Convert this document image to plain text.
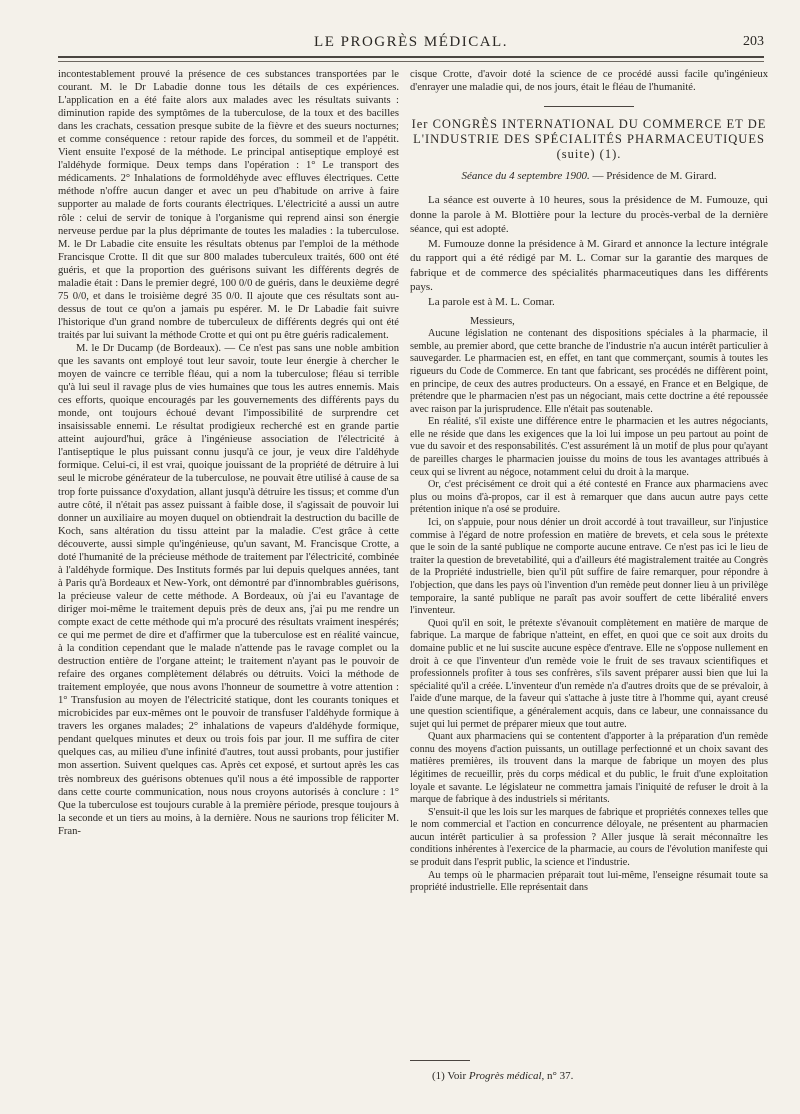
LE PROGRÈS MÉDICAL.	203

incontestablement prouvé la présence de ces substances transportées par le courant. M. le Dr Labadie donne tous les détails de ces expériences. L'application en a été faite alors aux malades avec les résultats suivants : diminution rapide des symptômes de la tuberculose, de la toux et des bacilles dans les crachats, cessation presque subite de la fièvre et des sueurs nocturnes; et comme conséquence : retour rapide des forces, du sommeil et de l'appétit. Vient ensuite l'exposé de la méthode. Le principal antiseptique employé est l'aldéhyde formique. Deux temps dans l'opération : 1° Le transport des médicaments. 2° Inhalations de formoldéhyde avec effluves électriques. Cette méthode n'offre aucun danger et avec un peu d'habitude on arrive à faire supporter au malade de forts courants électriques. L'électricité a aussi un autre rôle : celui de servir de tonique à l'organisme qui reprend ainsi son énergie nerveuse perdue par la plus déprimante de toutes les maladies : la tuberculose. M. le Dr Labadie cite ensuite les résultats obtenus par l'emploi de la méthode Francisque Crotte. Il dit que sur 800 malades tuberculeux traités, 600 ont été guéris, et que la proportion des guérisons suivant les différents degrés de maladie était : Dans le premier degré, 100 0/0 de guéris, dans le deuxième degré 75 0/0, et dans le troisième degré 35 0/0. Il ajoute que ces résultats sont au-dessus de tout ce qu'on a jamais pu espérer. M. le Dr Labadie fait suivre l'historique d'un grand nombre de tuberculeux de différents degrés qui ont été traités par lui suivant la méthode Crotte et qui ont pu être guéris radicalement.

M. le Dr Ducamp (de Bordeaux). — Ce n'est pas sans une noble ambition que les savants ont employé tout leur savoir, toute leur énergie à chercher le moyen de vaincre ce terrible fléau, qui a nom la tuberculose; fléau si terrible qu'à lui seul il ravage plus de vies humaines que tous les autres ennemis. Mais ces efforts, quoique encouragés par les gouvernements des différents pays du monde, ont toujours échoué devant l'impossibilité de surprendre cet insaisissable ennemi. Le résultat prodigieux recherché est en grande partie atteint aujourd'hui, grâce à l'ingénieuse association de l'électricité à l'antiseptique le plus puissant connu jusqu'à ce jour, je veux dire l'aldéhyde formique. Celui-ci, il est vrai, quoique jouissant de la propriété de détruire à lui seul le microbe générateur de la tuberculose, ne pouvait être utilisé à cause de sa trop forte puissance d'oxydation, allant jusqu'à détruire les tissus; et comme d'un autre côté, il n'était pas assez puissant à faible dose, il s'agissait de pouvoir lui donner un auxiliaire au moyen duquel on obtiendrait la destruction du bacille de Koch, sans altération du tissu atteint par la maladie. C'est grâce à cette découverte, aussi simple qu'ingénieuse, qu'un savant, M. Francisque Crotte, a doté l'humanité de la précieuse méthode de traitement par l'électricité, combinée à l'aldéhyde formique. Des Instituts formés par lui depuis quelques années, tant à Paris qu'à Bordeaux et New-York, ont démontré par d'innombrables guérisons, la précieuse valeur de cette méthode. A Bordeaux, où j'ai eu l'avantage de diriger moi-même le traitement depuis près de deux ans, j'ai pu me rendre un compte exact de cette méthode qui m'a procuré des résultats vraiment inespérés; ce qui me permet de dire et d'affirmer que la tuberculose est en réalité vaincue, à la condition cependant que le malade n'attende pas le ravage complet ou la destruction entière de l'organe atteint; le traitement n'ayant pas le pouvoir de refaire des organes complètement délabrés ou détruits. Voici la méthode de traitement employée, que nous avons l'honneur de soumettre à votre attention : 1° Transfusion au moyen de l'électricité statique, dont les courants toniques et microbicides par eux-mêmes ont le pouvoir de transfuser l'aldéhyde formique à travers les organes malades; 2° inhalations de vapeurs d'aldéhyde formique, pendant quelques minutes et deux ou trois fois par jour. Il me suffira de citer quelques cas, au milieu d'une infinité d'autres, tout aussi probants, pour justifier mon assertion. Suivent quelques cas. Après cet exposé, et surtout après les cas très nombreux des guérisons obtenues qu'il nous a été impossible de rapporter dans cette courte communication, nous nous croyons autorisés à conclure : 1° Que la tuberculose est toujours curable à la première période, presque toujours à la seconde et un tiers au moins, à la dernière. Nous ne saurions trop féliciter M. Fran-

cisque Crotte, d'avoir doté la science de ce procédé aussi facile qu'ingénieux d'enrayer une maladie qui, de nos jours, était le fléau de l'humanité.

Ier CONGRÈS INTERNATIONAL DU COMMERCE ET DE L'INDUSTRIE DES SPÉCIALITÉS PHARMACEUTIQUES (suite) (1).
Séance du 4 septembre 1900. — Présidence de M. Girard.

La séance est ouverte à 10 heures, sous la présidence de M. Fumouze, qui donne la parole à M. Blottière pour la lecture du procès-verbal de la dernière séance, qui est adopté.

M. Fumouze donne la présidence à M. Girard et annonce la lecture intégrale du rapport qui a été rédigé par M. L. Comar sur la garantie des marques de fabrique et de commerce des spécialités pharmaceutiques dans les différents pays.

La parole est à M. L. Comar.

Messieurs,

Aucune législation ne contenant des dispositions spéciales à la pharmacie, il semble, au premier abord, que cette branche de l'industrie n'a aucun intérêt particulier à sauvegarder. Le pharmacien est, en effet, en tant que commerçant, soumis à toutes les rigueurs du Code de Commerce. En tant que fabricant, ses procédés ne diffèrent point, en principe, de ceux des autres producteurs. On a essayé, en France et en Belgique, de prétendre que le pharmacien n'est pas un négociant, mais cette doctrine a été repoussée avec raison par la jurisprudence. Elle n'était pas soutenable.

En réalité, s'il existe une différence entre le pharmacien et les autres négociants, elle ne réside que dans les exigences que la loi lui impose un peu partout au point de vue du savoir et des responsabilités. C'est assurément là un motif de plus pour qu'ayant de pareilles charges le pharmacien jouisse du moins de tous les avantages attribués à ceux qui se livrent au négoce, notamment celui du droit à la marque.

Or, c'est précisément ce droit qui a été contesté en France aux pharmaciens avec plus ou moins d'à-propos, car il est à remarquer que dans aucun autre pays cette prétention inique n'a osé se produire.

Ici, on s'appuie, pour nous dénier un droit accordé à tout travailleur, sur l'injustice commise à l'égard de notre profession en matière de brevets, et cela sous le prétexte que le soin de la santé publique ne comporte aucune entrave. Ce n'est pas ici le lieu de traiter la question de brevetabilité, qui a d'ailleurs été magistralement traitée au Congrès de la Propriété industrielle, bien qu'il pût suffire de faire remarquer, pour répondre à l'objection, que dans les pays où l'invention d'un remède peut donner lieu à un privilège temporaire, la santé publique ne paraît pas avoir souffert de cette libéralité envers l'inventeur.

Quoi qu'il en soit, le prétexte s'évanouit complètement en matière de marque de fabrique. La marque de fabrique n'atteint, en effet, en quoi que ce soit aux droits du domaine public et ne lui suscite aucune espèce d'entrave. Elle ne s'oppose nullement en droit à ce que l'inventeur d'un remède voie le fruit de ses travaux scientifiques et professionnels profiter à tous ses confrères, s'ils savent préparer aussi bien que lui la spécialité qu'il a créée. L'inventeur d'un remède n'a d'autres droits que de se prévaloir, à l'aide d'une marque, de la faveur qui s'attache à juste titre à l'homme qui, ayant creusé une question scientifique, a généralement acquis, dans ce labeur, une connaissance du sujet qui lui permet de préparer mieux que tout autre.

Quant aux pharmaciens qui se contentent d'apporter à la préparation d'un remède connu des moyens d'action puissants, un outillage perfectionné et un choix savant des matières premières, ils trouvent dans la marque de fabrique un moyen des plus légitimes de recueillir, près du corps médical et du public, le fruit d'une exploitation loyale et savante. Le législateur ne commettra jamais l'iniquité de refuser le droit à la marque de fabrique à des industriels si méritants.

S'ensuit-il que les lois sur les marques de fabrique et propriétés connexes telles que le nom commercial et l'action en concurrence déloyale, ne présentent au pharmacien aucun intérêt particulier à sa profession ? Aller jusque là serait méconnaître les conditions inhérentes à l'exercice de la pharmacie, au cours de l'évolution manifeste qui se produit dans l'esprit public, la science et l'industrie.

Au temps où le pharmacien préparait tout lui-même, l'enseigne résumait toute sa propriété industrielle. Elle représentait dans

(1) Voir Progrès médical, n° 37.
